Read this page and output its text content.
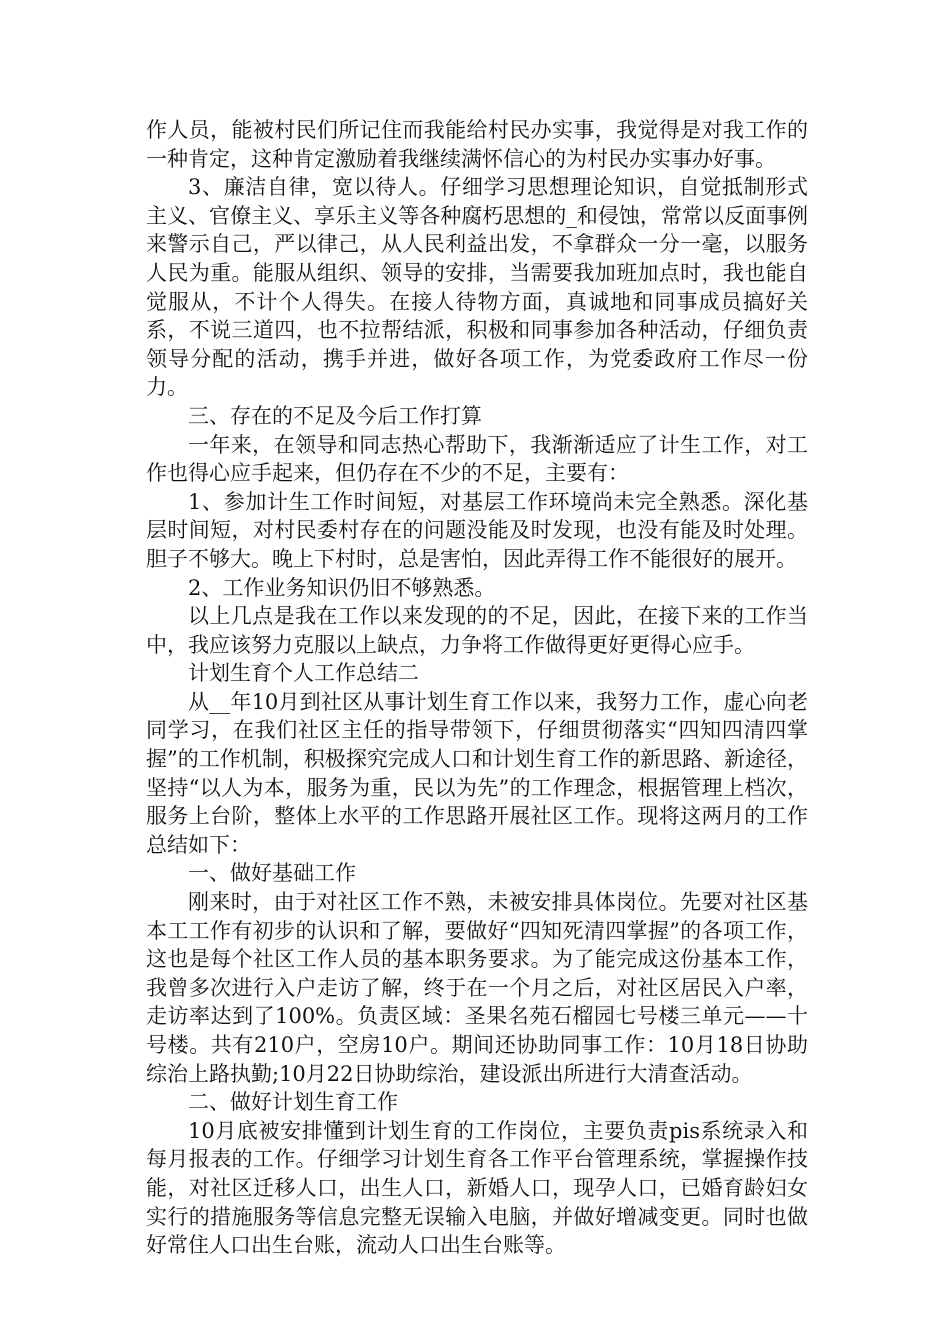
作人员，能被村民们所记住而我能给村民办实事，我觉得是对我工作的一种肯定，这种肯定激励着我继续满怀信心的为村民办实事办好事。

3、廉洁自律，宽以待人。仔细学习思想理论知识，自觉抵制形式主义、官僚主义、享乐主义等各种腐朽思想的_和侵蚀，常常以反面事例来警示自己，严以律己，从人民利益出发，不拿群众一分一毫，以服务人民为重。能服从组织、领导的安排，当需要我加班加点时，我也能自觉服从，不计个人得失。在接人待物方面，真诚地和同事成员搞好关系，不说三道四，也不拉帮结派，积极和同事参加各种活动，仔细负责领导分配的活动，携手并进，做好各项工作，为党委政府工作尽一份力。

三、存在的不足及今后工作打算

一年来，在领导和同志热心帮助下，我渐渐适应了计生工作，对工作也得心应手起来，但仍存在不少的不足，主要有：

1、参加计生工作时间短，对基层工作环境尚未完全熟悉。深化基层时间短，对村民委村存在的问题没能及时发现，也没有能及时处理。胆子不够大。晚上下村时，总是害怕，因此弄得工作不能很好的展开。

2、工作业务知识仍旧不够熟悉。

以上几点是我在工作以来发现的的不足，因此，在接下来的工作当中，我应该努力克服以上缺点，力争将工作做得更好更得心应手。

计划生育个人工作总结二

从__年10月到社区从事计划生育工作以来，我努力工作，虚心向老同学习，在我们社区主任的指导带领下，仔细贯彻落实“四知四清四掌握”的工作机制，积极探究完成人口和计划生育工作的新思路、新途径，坚持“以人为本，服务为重，民以为先”的工作理念，根据管理上档次，服务上台阶，整体上水平的工作思路开展社区工作。现将这两月的工作总结如下：

一、做好基础工作

刚来时，由于对社区工作不熟，未被安排具体岗位。先要对社区基本工工作有初步的认识和了解，要做好“四知死清四掌握”的各项工作，这也是每个社区工作人员的基本职务要求。为了能完成这份基本工作，我曾多次进行入户走访了解，终于在一个月之后，对社区居民入户率，走访率达到了100%。负责区域：圣果名苑石榴园七号楼三单元——十号楼。共有210户，空房10户。期间还协助同事工作：10月18日协助综治上路执勤;10月22日协助综治，建设派出所进行大清查活动。

二、做好计划生育工作

10月底被安排懂到计划生育的工作岗位，主要负责pis系统录入和每月报表的工作。仔细学习计划生育各工作平台管理系统，掌握操作技能，对社区迁移人口，出生人口，新婚人口，现孕人口，已婚育龄妇女实行的措施服务等信息完整无误输入电脑，并做好增减变更。同时也做好常住人口出生台账，流动人口出生台账等。
